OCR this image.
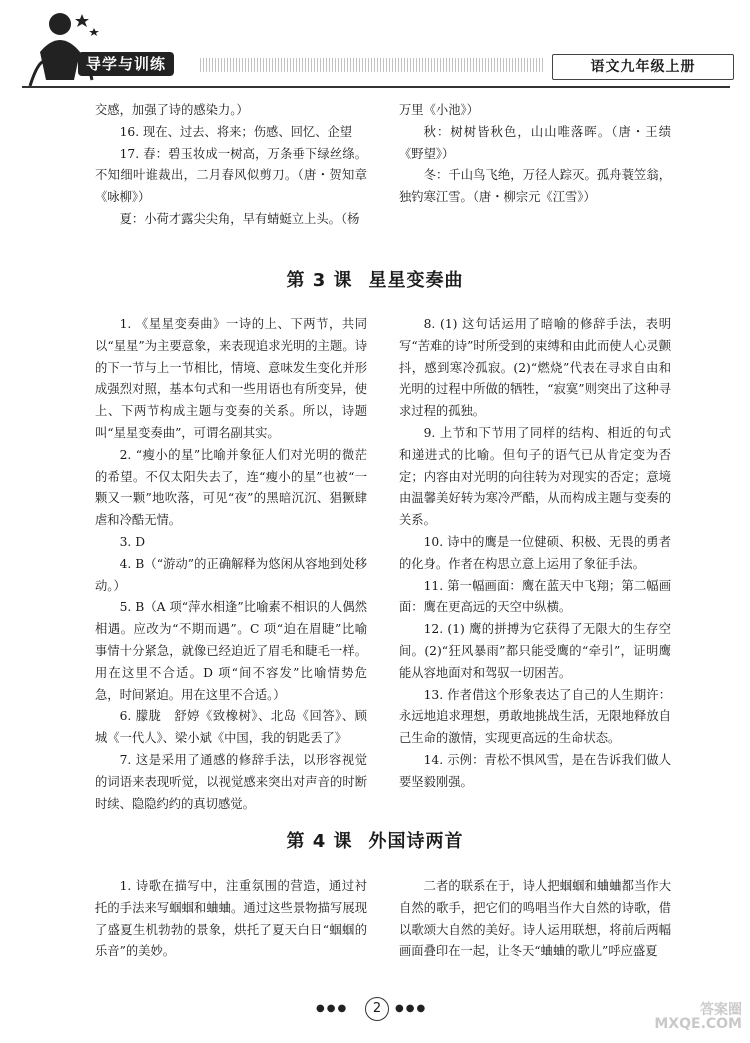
导学与训练	语文九年级上册

交感，加强了诗的感染力。）

16. 现在、过去、将来；伤感、回忆、企望

17. 春：碧玉妆成一树高，万条垂下绿丝绦。不知细叶谁裁出，二月春风似剪刀。（唐・贺知章《咏柳》）

夏：小荷才露尖尖角，早有蜻蜓立上头。（杨

万里《小池》）

秋：树树皆秋色，山山唯落晖。（唐・王绩《野望》）

冬：千山鸟飞绝，万径人踪灭。孤舟蓑笠翁，独钓寒江雪。（唐・柳宗元《江雪》）

第 3 课 星星变奏曲

1. 《星星变奏曲》一诗的上、下两节，共同以“星星”为主要意象，来表现追求光明的主题。诗的下一节与上一节相比，情境、意味发生变化并形成强烈对照，基本句式和一些用语也有所变异，使上、下两节构成主题与变奏的关系。所以，诗题叫“星星变奏曲”，可谓名副其实。

2. “瘦小的星”比喻并象征人们对光明的微茫的希望。不仅太阳失去了，连“瘦小的星”也被“一颗又一颗”地吹落，可见“夜”的黑暗沉沉、猖獗肆虐和冷酷无情。

3. D

4. B（“游动”的正确解释为悠闲从容地到处移动。）

5. B（A 项“萍水相逢”比喻素不相识的人偶然相遇。应改为“不期而遇”。C 项“迫在眉睫”比喻事情十分紧急，就像已经迫近了眉毛和睫毛一样。用在这里不合适。D 项“间不容发”比喻情势危急，时间紧迫。用在这里不合适。）

6. 朦胧　舒婷《致橡树》、北岛《回答》、顾城《一代人》、梁小斌《中国，我的钥匙丢了》

7. 这是采用了通感的修辞手法，以形容视觉的词语来表现听觉，以视觉感来突出对声音的时断时续、隐隐约约的真切感觉。

8. (1) 这句话运用了暗喻的修辞手法，表明写“苦难的诗”时所受到的束缚和由此而使人心灵颤抖，感到寒冷孤寂。(2)“燃烧”代表在寻求自由和光明的过程中所做的牺牲，“寂寞”则突出了这种寻求过程的孤独。

9. 上节和下节用了同样的结构、相近的句式和递进式的比喻。但句子的语气已从肯定变为否定；内容由对光明的向往转为对现实的否定；意境由温馨美好转为寒冷严酷，从而构成主题与变奏的关系。

10. 诗中的鹰是一位健硕、积极、无畏的勇者的化身。作者在构思立意上运用了象征手法。

11. 第一幅画面：鹰在蓝天中飞翔；第二幅画面：鹰在更高远的天空中纵横。

12. (1) 鹰的拼搏为它获得了无限大的生存空间。(2)“狂风暴雨”都只能受鹰的“牵引”，证明鹰能从容地面对和驾驭一切困苦。

13. 作者借这个形象表达了自己的人生期许：永远地追求理想，勇敢地挑战生活，无限地释放自己生命的激情，实现更高远的生命状态。

14. 示例：青松不惧风雪，是在告诉我们做人要坚毅刚强。

第 4 课 外国诗两首

1. 诗歌在描写中，注重氛围的营造，通过衬托的手法来写蝈蝈和蛐蛐。通过这些景物描写展现了盛夏生机勃勃的景象，烘托了夏天白日“蝈蝈的乐音”的美妙。

二者的联系在于，诗人把蝈蝈和蛐蛐都当作大自然的歌手，把它们的鸣唱当作大自然的诗歌，借以歌颂大自然的美好。诗人运用联想，将前后两幅画面叠印在一起，让冬天“蛐蛐的歌儿”呼应盛夏

●●●	2	●●●	答案圈
MXQE.COM
